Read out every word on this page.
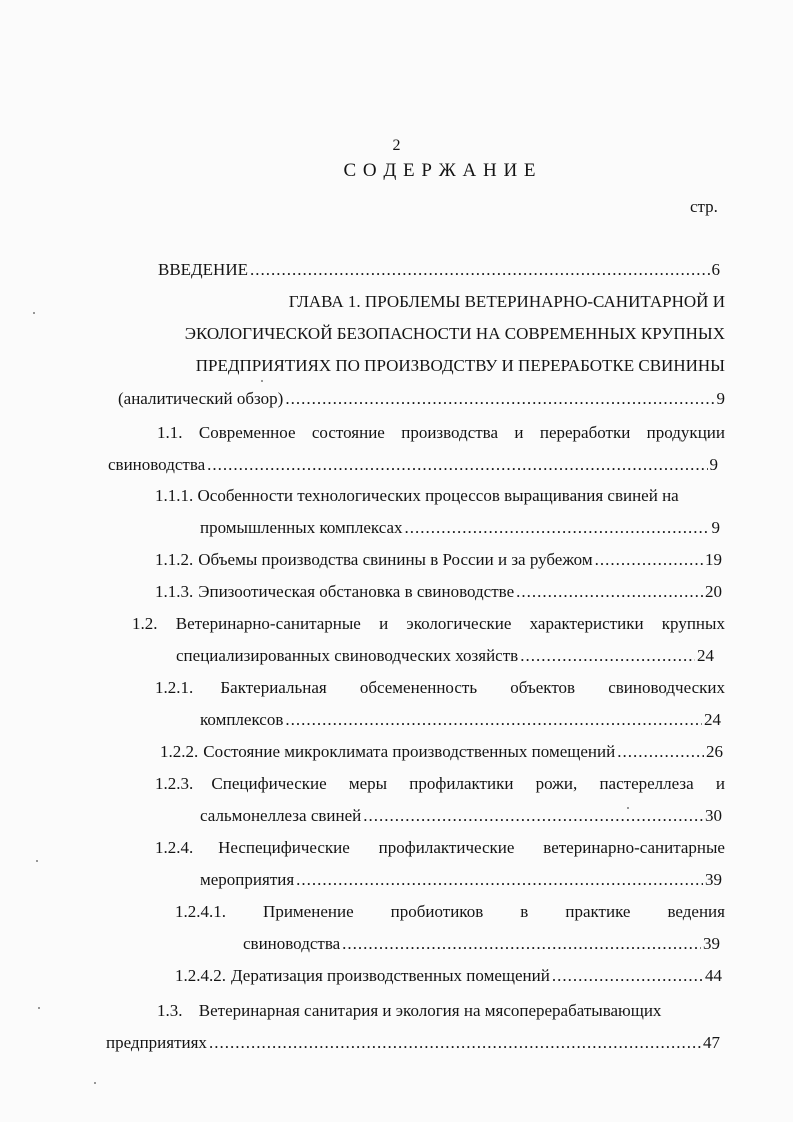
2
С О Д Е Р Ж А Н И Е
стр.
ВВЕДЕНИЕ .....	6
ГЛАВА 1. ПРОБЛЕМЫ ВЕТЕРИНАРНО-САНИТАРНОЙ И
ЭКОЛОГИЧЕСКОЙ БЕЗОПАСНОСТИ НА СОВРЕМЕННЫХ КРУПНЫХ
ПРЕДПРИЯТИЯХ ПО ПРОИЗВОДСТВУ И ПЕРЕРАБОТКЕ СВИНИНЫ
(аналитический обзор) .....	9
1.1. Современное состояние производства и переработки продукции
свиноводства .....	9
1.1.1. Особенности технологических процессов выращивания свиней на
промышленных комплексах .....	9
1.1.2. Объемы производства свинины в России и за рубежом .....	19
1.1.3. Эпизоотическая обстановка в свиноводстве .....	20
1.2. Ветеринарно-санитарные и экологические характеристики крупных
специализированных свиноводческих хозяйств .....	24
1.2.1. Бактериальная обсемененность объектов свиноводческих
комплексов .....	24
1.2.2. Состояние микроклимата производственных помещений .....	26
1.2.3. Специфические меры профилактики рожи, пастереллеза и
сальмонеллеза свиней .....	30
1.2.4. Неспецифические профилактические ветеринарно-санитарные
мероприятия .....	39
1.2.4.1. Применение пробиотиков в практике ведения
свиноводства .....	39
1.2.4.2. Дератизация производственных помещений .....	44
1.3. Ветеринарная санитария и экология на мясоперерабатывающих
предприятиях .....	47
